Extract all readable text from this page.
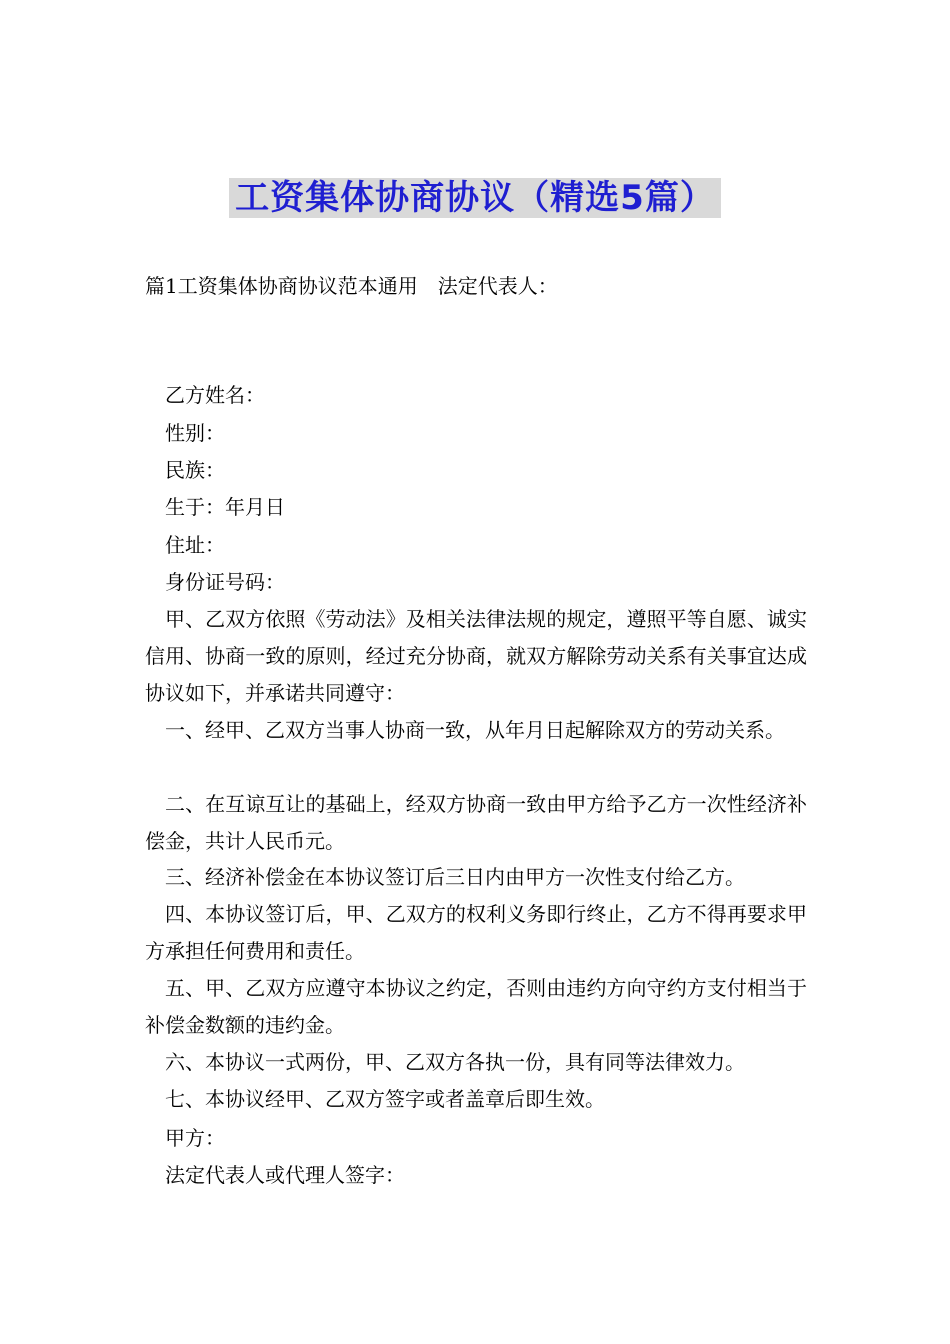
工资集体协商协议（精选5篇）
篇1工资集体协商协议范本通用　法定代表人：
乙方姓名：
性别：
民族：
生于：年月日
住址：
身份证号码：
甲、乙双方依照《劳动法》及相关法律法规的规定，遵照平等自愿、诚实信用、协商一致的原则，经过充分协商，就双方解除劳动关系有关事宜达成协议如下，并承诺共同遵守：
一、经甲、乙双方当事人协商一致，从年月日起解除双方的劳动关系。
二、在互谅互让的基础上，经双方协商一致由甲方给予乙方一次性经济补偿金，共计人民币元。
三、经济补偿金在本协议签订后三日内由甲方一次性支付给乙方。
四、本协议签订后，甲、乙双方的权利义务即行终止，乙方不得再要求甲方承担任何费用和责任。
五、甲、乙双方应遵守本协议之约定，否则由违约方向守约方支付相当于补偿金数额的违约金。
六、本协议一式两份，甲、乙双方各执一份，具有同等法律效力。
七、本协议经甲、乙双方签字或者盖章后即生效。
甲方：
法定代表人或代理人签字：
